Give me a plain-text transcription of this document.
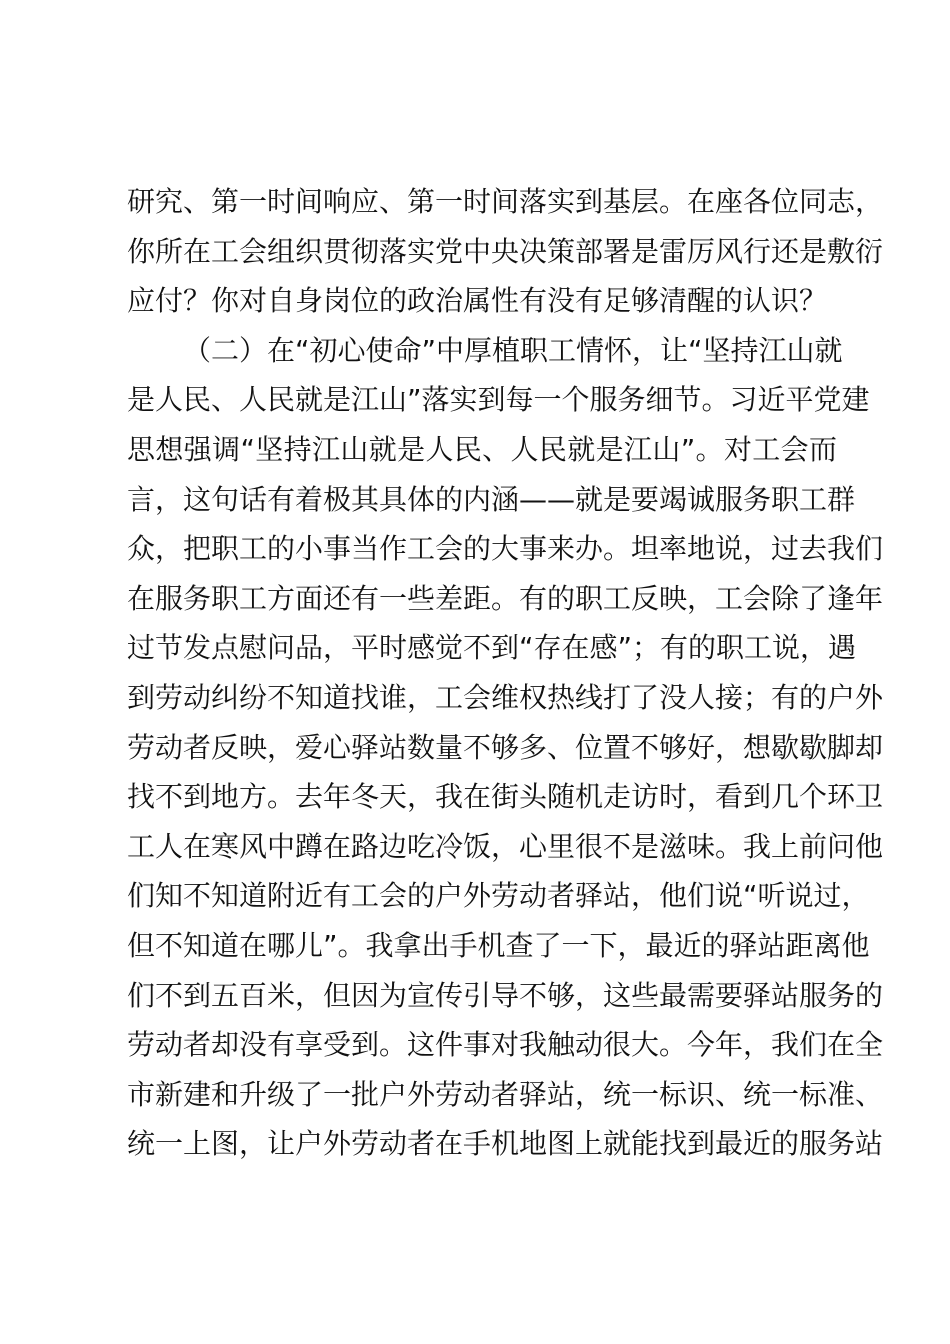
研究、第一时间响应、第一时间落实到基层。在座各位同志，
你所在工会组织贯彻落实党中央决策部署是雷厉风行还是敷衍
应付？你对自身岗位的政治属性有没有足够清醒的认识？
（二）在“初心使命”中厚植职工情怀，让“坚持江山就
是人民、人民就是江山”落实到每一个服务细节。习近平党建
思想强调“坚持江山就是人民、人民就是江山”。对工会而
言，这句话有着极其具体的内涵——就是要竭诚服务职工群
众，把职工的小事当作工会的大事来办。坦率地说，过去我们
在服务职工方面还有一些差距。有的职工反映，工会除了逢年
过节发点慰问品，平时感觉不到“存在感”；有的职工说，遇
到劳动纠纷不知道找谁，工会维权热线打了没人接；有的户外
劳动者反映，爱心驿站数量不够多、位置不够好，想歇歇脚却
找不到地方。去年冬天，我在街头随机走访时，看到几个环卫
工人在寒风中蹲在路边吃冷饭，心里很不是滋味。我上前问他
们知不知道附近有工会的户外劳动者驿站，他们说“听说过，
但不知道在哪儿”。我拿出手机查了一下，最近的驿站距离他
们不到五百米，但因为宣传引导不够，这些最需要驿站服务的
劳动者却没有享受到。这件事对我触动很大。今年，我们在全
市新建和升级了一批户外劳动者驿站，统一标识、统一标准、
统一上图，让户外劳动者在手机地图上就能找到最近的服务站
